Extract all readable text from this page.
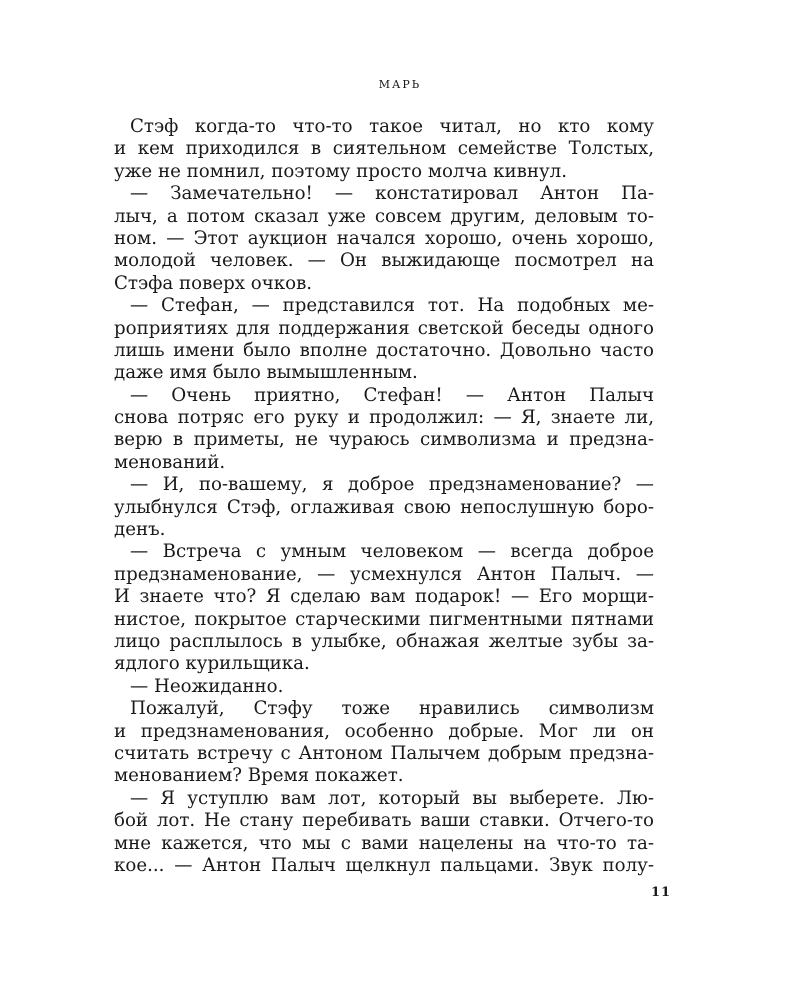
МАРЬ
Стэф когда-то что-то такое читал, но кто кому
и кем приходился в сиятельном семействе Толстых,
уже не помнил, поэтому просто молча кивнул.
— Замечательно! — констатировал Антон Па-
лыч, а потом сказал уже совсем другим, деловым то-
ном. — Этот аукцион начался хорошо, очень хорошо,
молодой человек. — Он выжидающе посмотрел на
Стэфа поверх очков.
— Стефан, — представился тот. На подобных ме-
роприятиях для поддержания светской беседы одного
лишь имени было вполне достаточно. Довольно часто
даже имя было вымышленным.
— Очень приятно, Стефан! — Антон Палыч
снова потряс его руку и продолжил: — Я, знаете ли,
верю в приметы, не чураюсь символизма и предзна-
менований.
— И, по-вашему, я доброе предзнаменование? —
улыбнулся Стэф, оглаживая свою непослушную боро-
денъ.
— Встреча с умным человеком — всегда доброе
предзнаменование, — усмехнулся Антон Палыч. —
И знаете что? Я сделаю вам подарок! — Его морщи-
нистое, покрытое старческими пигментными пятнами
лицо расплылось в улыбке, обнажая желтые зубы за-
ядлого курильщика.
— Неожиданно.
Пожалуй, Стэфу тоже нравились символизм
и предзнаменования, особенно добрые. Мог ли он
считать встречу с Антоном Палычем добрым предзна-
менованием? Время покажет.
— Я уступлю вам лот, который вы выберете. Лю-
бой лот. Не стану перебивать ваши ставки. Отчего-то
мне кажется, что мы с вами нацелены на что-то та-
кое... — Антон Палыч щелкнул пальцами. Звук полу-
11
